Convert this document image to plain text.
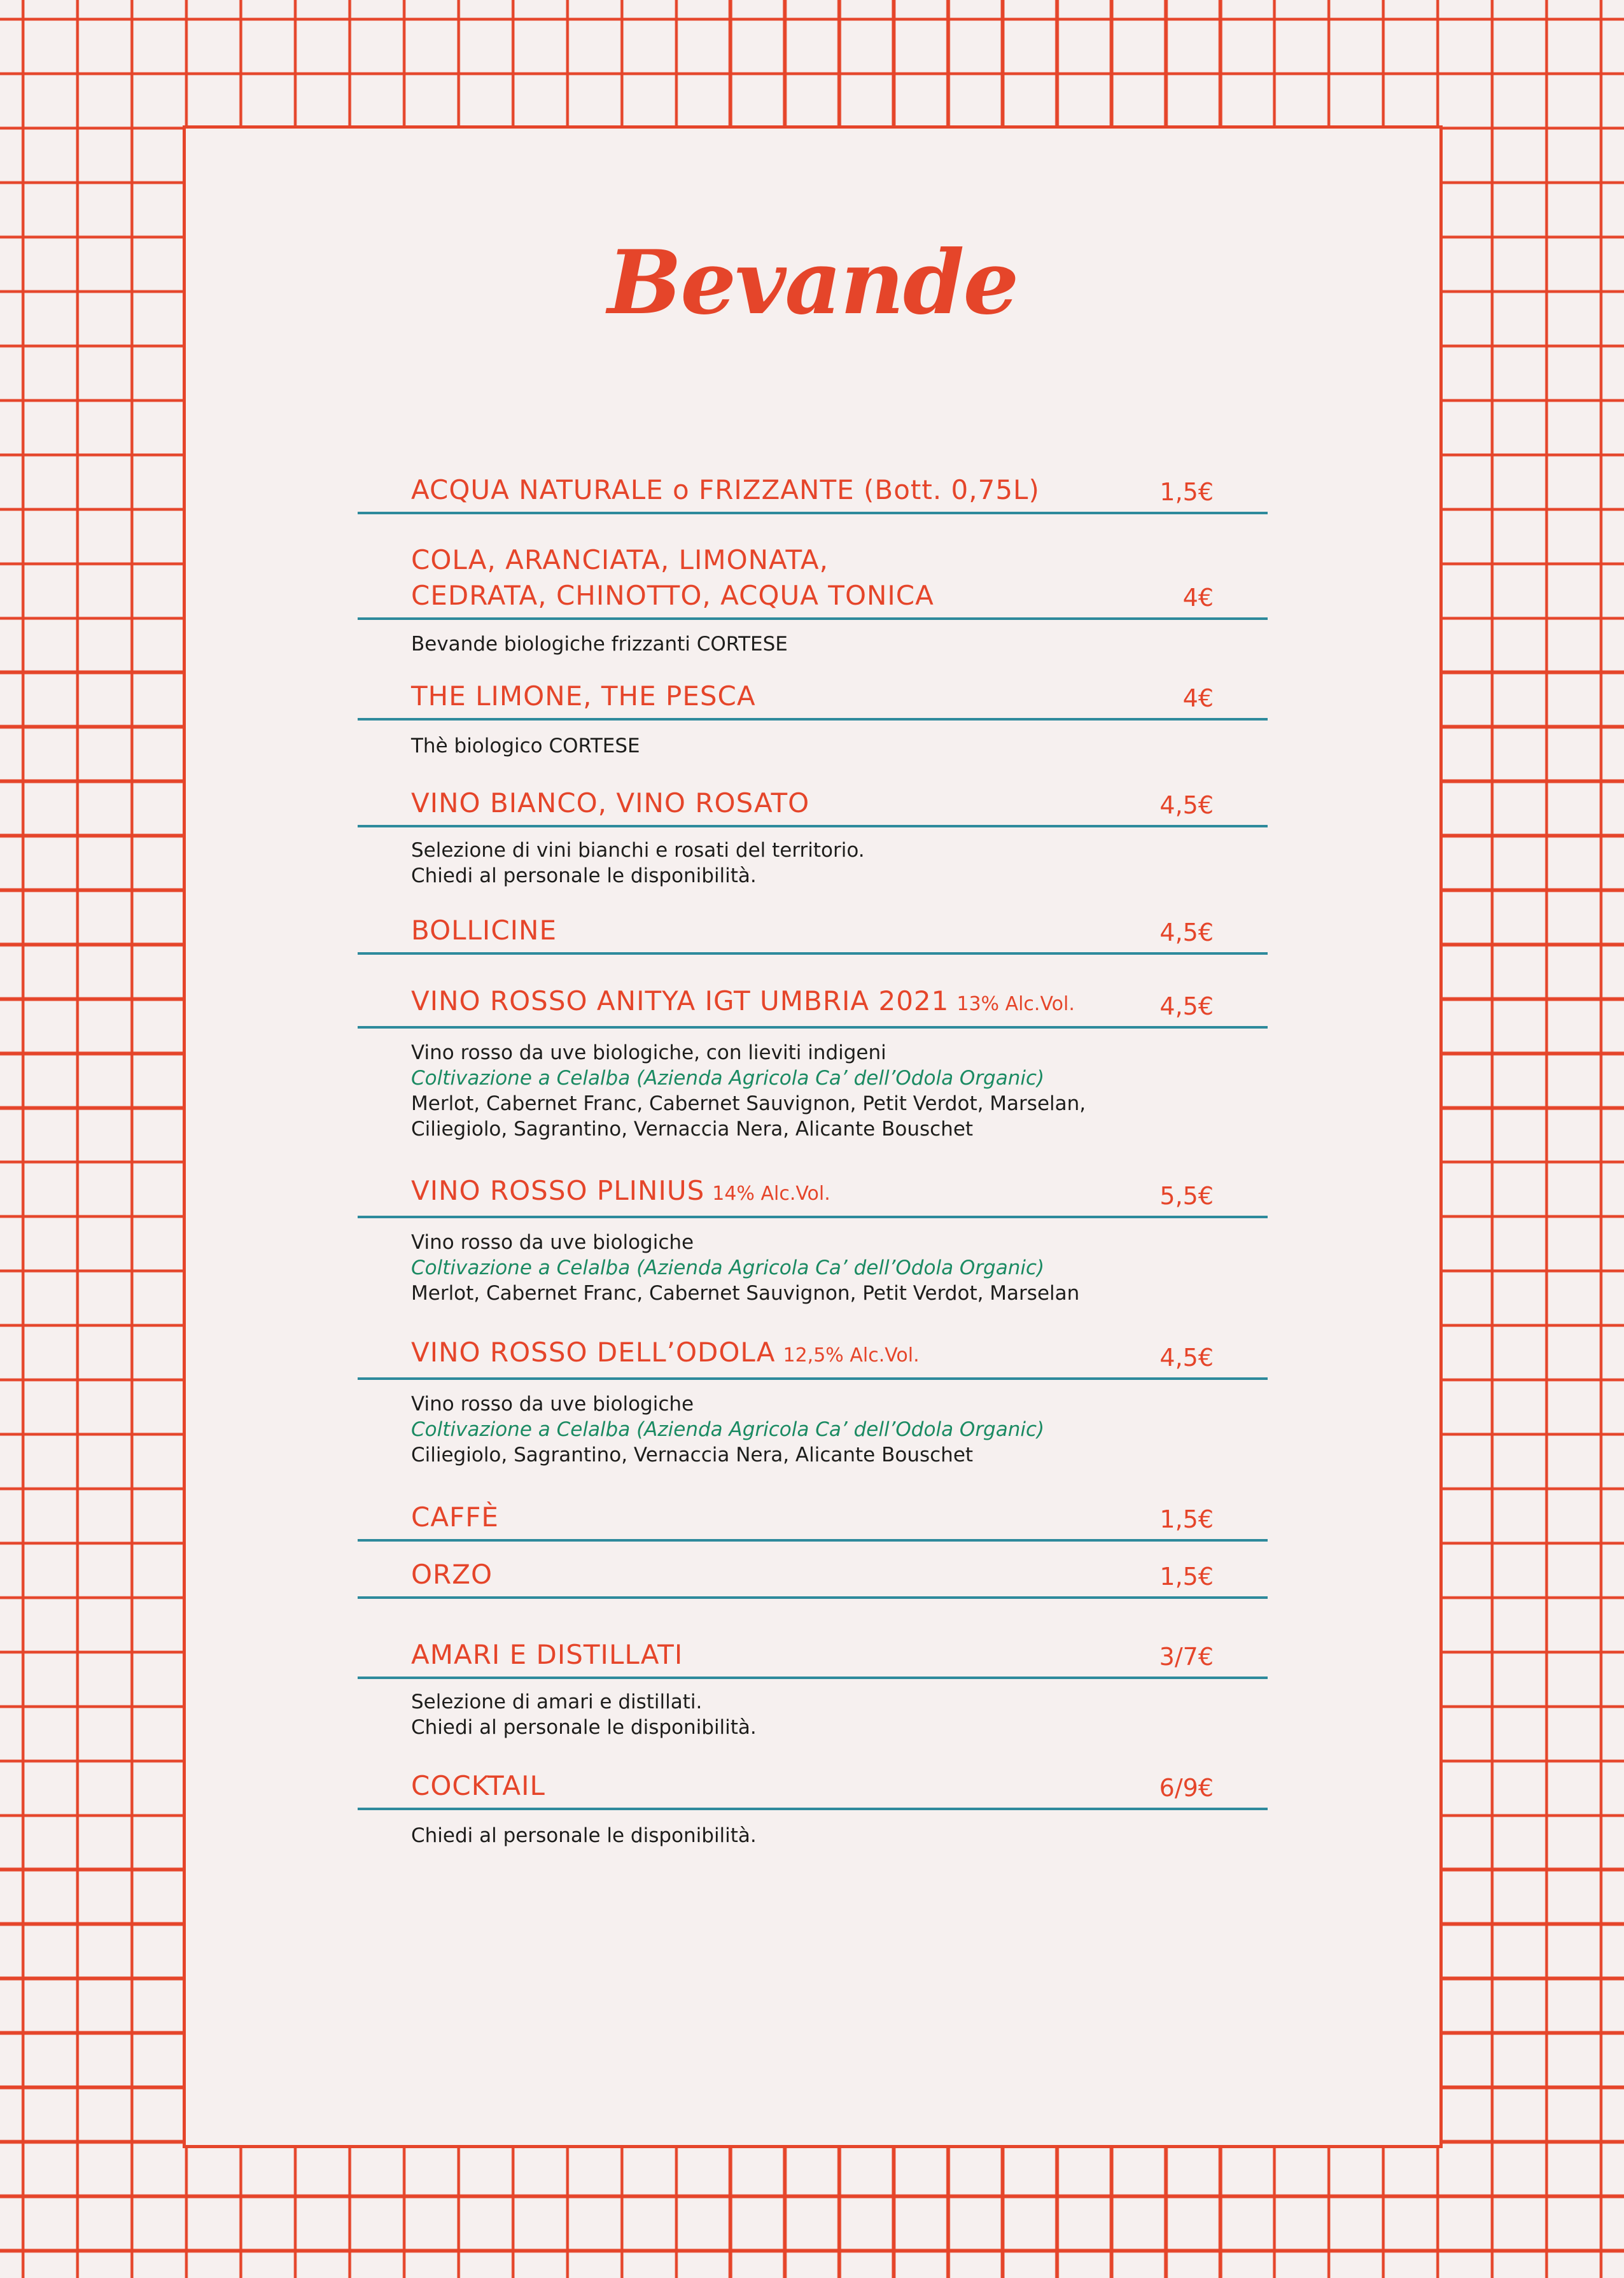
Bevande
ACQUA NATURALE o FRIZZANTE (Bott. 0,75L)	1,5€
COLA, ARANCIATA, LIMONATA,
CEDRATA, CHINOTTO, ACQUA TONICA	4€
Bevande biologiche frizzanti CORTESE
THE LIMONE, THE PESCA	4€
Thè biologico CORTESE
VINO BIANCO, VINO ROSATO	4,5€
Selezione di vini bianchi e rosati del territorio.
Chiedi al personale le disponibilità.
BOLLICINE	4,5€
VINO ROSSO ANITYA IGT UMBRIA 2021 13% Alc.Vol.	4,5€
Vino rosso da uve biologiche, con lieviti indigeni
Coltivazione a Celalba (Azienda Agricola Ca’ dell’Odola Organic)
Merlot, Cabernet Franc, Cabernet Sauvignon, Petit Verdot, Marselan,
Ciliegiolo, Sagrantino, Vernaccia Nera, Alicante Bouschet
VINO ROSSO PLINIUS 14% Alc.Vol.	5,5€
Vino rosso da uve biologiche
Coltivazione a Celalba (Azienda Agricola Ca’ dell’Odola Organic)
Merlot, Cabernet Franc, Cabernet Sauvignon, Petit Verdot, Marselan
VINO ROSSO DELL’ODOLA 12,5% Alc.Vol.	4,5€
Vino rosso da uve biologiche
Coltivazione a Celalba (Azienda Agricola Ca’ dell’Odola Organic)
Ciliegiolo, Sagrantino, Vernaccia Nera, Alicante Bouschet
CAFFÈ	1,5€
ORZO	1,5€
AMARI E DISTILLATI	3/7€
Selezione di amari e distillati.
Chiedi al personale le disponibilità.
COCKTAIL	6/9€
Chiedi al personale le disponibilità.
